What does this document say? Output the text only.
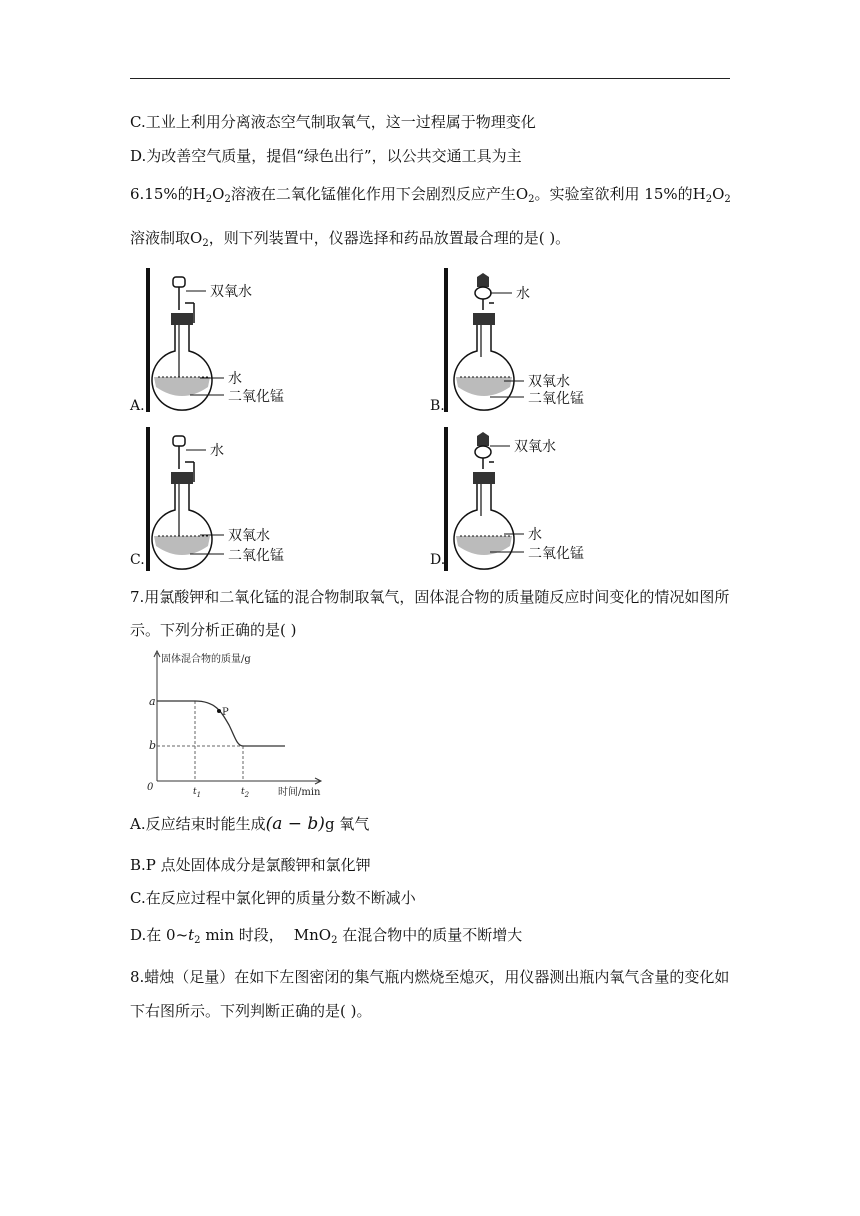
C.工业上利用分离液态空气制取氧气，这一过程属于物理变化
D.为改善空气质量，提倡“绿色出行”，以公共交通工具为主
6.15%的$H_2O_2$溶液在二氧化锰催化作用下会剧烈反应产生$O_2$。实验室欲利用 15%的$H_2O_2$
溶液制取$O_2$，则下列装置中，仪器选择和药品放置最合理的是( )。
双氧水
水
二氧化锰
A.
水
双氧水
二氧化锰
B.
水
双氧水
二氧化锰
C.
双氧水
水
二氧化锰
D.
7.用氯酸钾和二氧化锰的混合物制取氧气，固体混合物的质量随反应时间变化的情况如图所
示。下列分析正确的是( )
固体混合物的质量/g
时间/min
0
a
b
$t_1$	$t_2$
P
A.反应结束时能生成(a − b)g 氧气
B.P 点处固体成分是氯酸钾和氯化钾
C.在反应过程中氯化钾的质量分数不断减小
D.在 $0\sim t_2$ min 时段， MnO$_2$ 在混合物中的质量不断增大
8.蜡烛（足量）在如下左图密闭的集气瓶内燃烧至熄灭，用仪器测出瓶内氧气含量的变化如
下右图所示。下列判断正确的是( )。
